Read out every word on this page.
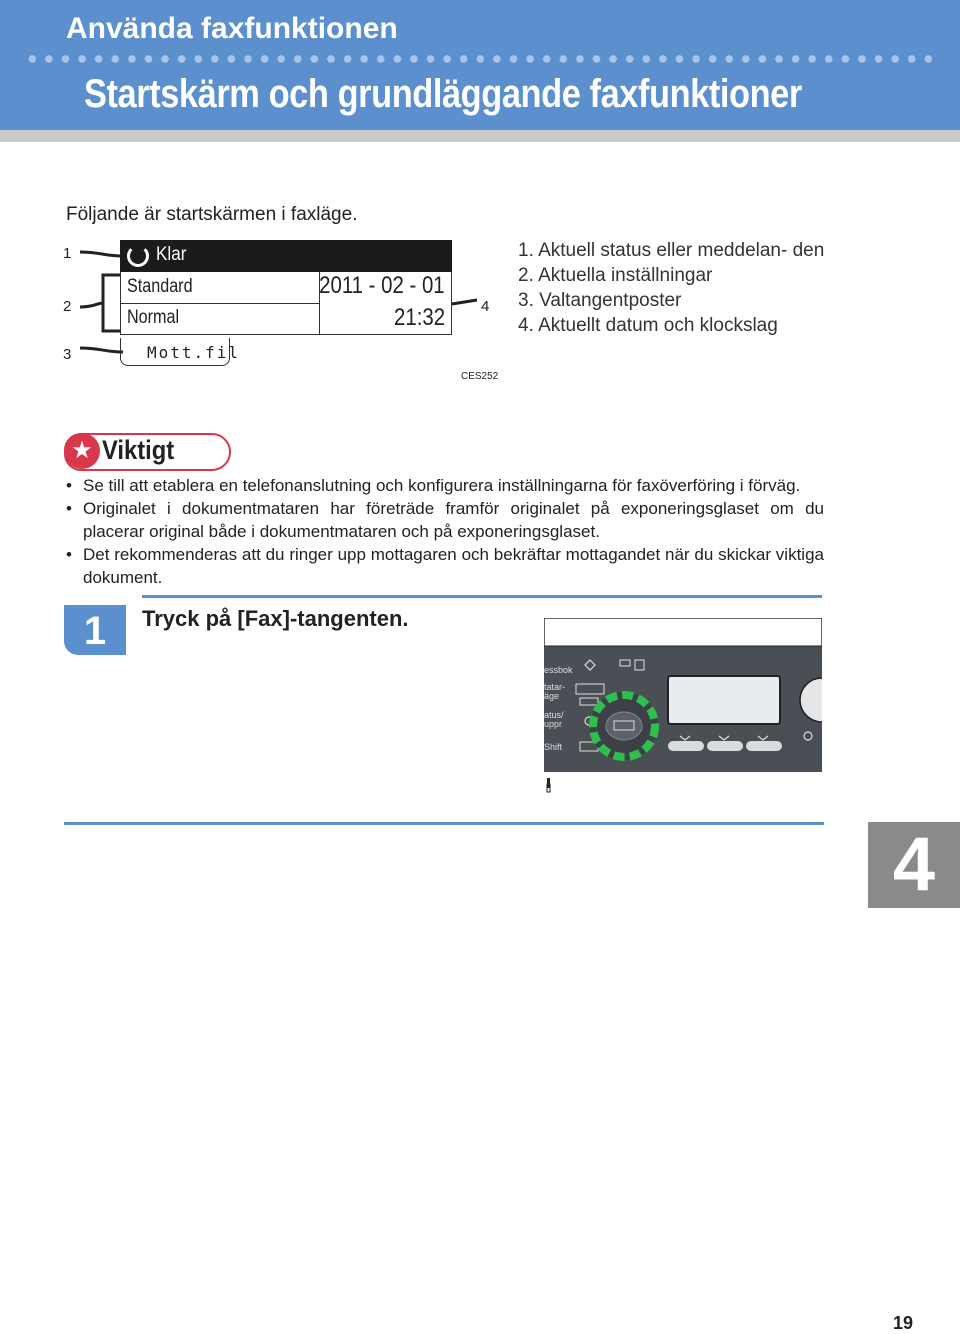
Använda faxfunktionen
Startskärm och grundläggande faxfunktioner
Följande är startskärmen i faxläge.
1
2
3
4
Klar
Standard
Normal
2011 - 02 - 01
21:32
Mott.fil
CES252
1. Aktuell status eller meddelan- den
2. Aktuella inställningar
3. Valtangentposter
4. Aktuellt datum och klockslag
★ Viktigt
• Se till att etablera en telefonanslutning och konfigurera inställningarna för faxöverföring i förväg.
• Originalet i dokumentmataren har företräde framför originalet på exponeringsglaset om du placerar original både i dokumentmataren och på exponeringsglaset.
• Det rekommenderas att du ringer upp mottagaren och bekräftar mottagandet när du skickar viktiga dokument.
1	Tryck på [Fax]-tangenten.
essbok
tatar-
äge
atus/
uppr
Shift
4
19
